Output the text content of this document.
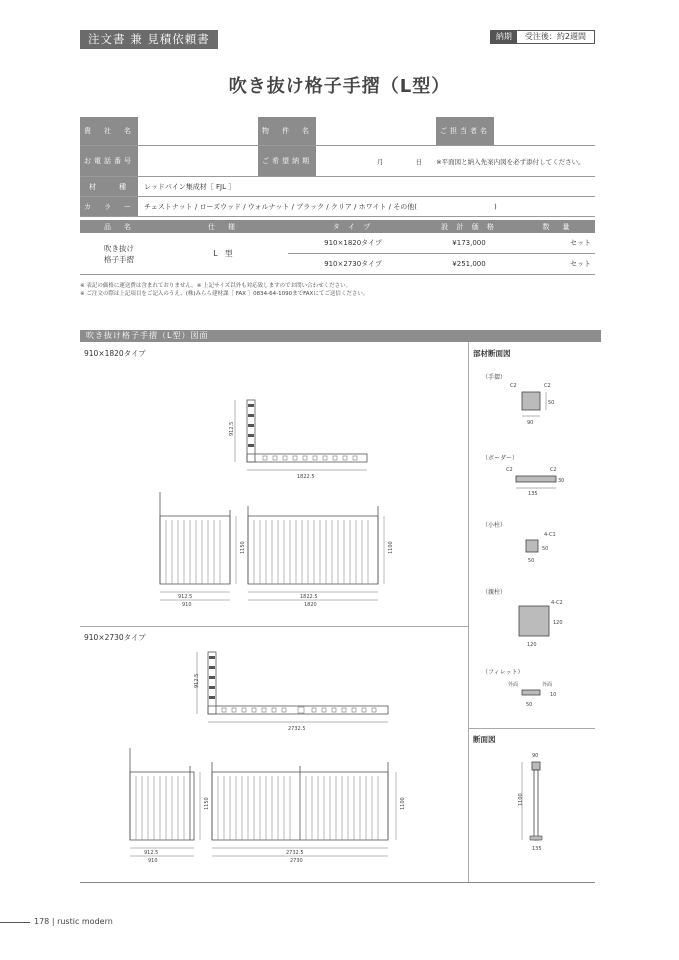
注文書 兼 見積依頼書	納期	受注後：約2週間
吹き抜け格子手摺（L型）
貴　社　名		物　件　名		ご担当者名	
お電話番号		ご希望納期	月 日 ※平面図と納入先案内図を必ず添付してください。		
材　　種	レッドパイン集成材［ FJL ］				
カ　ラ　ー	チェストナット / ローズウッド / ウォルナット / ブラック / クリア / ホワイト / その他(　　　　　　　　　　　)				
品　名	仕　様	タ イ プ	設 計 価 格	数　量
吹き抜け
格子手摺	L　型	910×1820タイプ	¥173,000	セット
		910×2730タイプ	¥251,000	セット
※ 表記の価格に運送費は含まれておりません。※ 上記サイズ以外も対応致しますのでお問い合わせください。
※ ご注文の際は上記項目をご記入のうえ、(株)みらら建材課［ FAX ］0834-64-1090までFAXにてご送信ください。
吹き抜け格子手摺（L型）図面
910×1820タイプ
910×2730タイプ
912.5
1822.5
912.5
910
1822.5
1820
1150	1100
912.5
2732.5
912.5
910
2732.5
2730
1150	1100
部材断面図
（手摺）
C2	C2
90
50
（ボーダー）
C2	C2
135
30
（小柱）
4-C1
50
50
（親柱）
4-C2
120
120
（フィレット）
外面	外面
50
10
断面図
90
1100
135
178 | rustic modern
